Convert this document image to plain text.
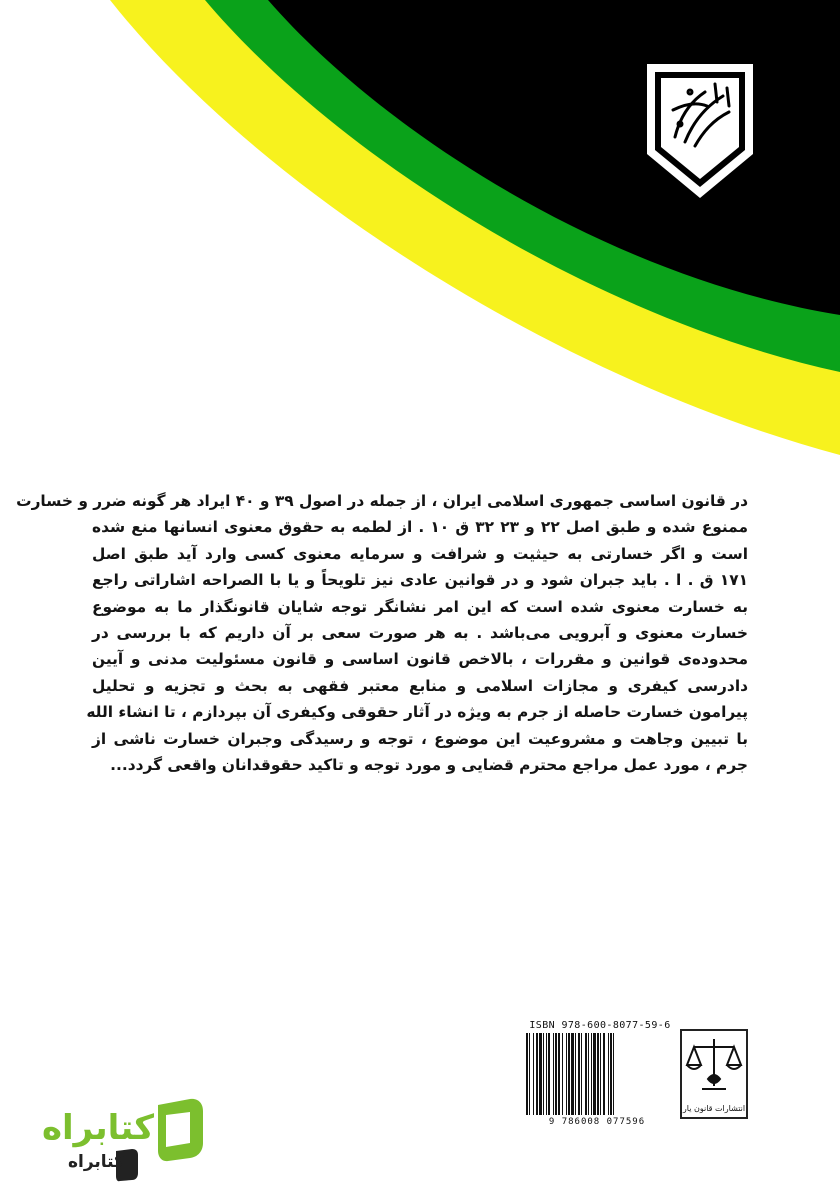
در قانون اساسی جمهوری اسلامی ایران ، از جمله در اصول ۳۹ و ۴۰ ایراد هر گونه ضرر و خسارت
ممنوع شده و طبق اصل ۲۲ و ۲۳ ۳۲ ق ۱۰ . از لطمه به حقوق معنوی انسانها منع شده
است و اگر خسارتی به حیثیت و شرافت و سرمایه معنوی کسی وارد آید طبق اصل
۱۷۱ ق . ا . باید جبران شود و در قوانین عادی نیز تلویحاً و یا با الصراحه اشاراتی راجع
به خسارت معنوی شده است که این امر نشانگر توجه شایان قانونگذار ما به موضوع
خسارت معنوی و آبرویی می‌باشد . به هر صورت سعی بر آن داریم که با بررسی در
محدوده‌ی قوانین و مقررات ، بالاخص قانون اساسی و قانون مسئولیت مدنی و آیین
دادرسی کیفری و مجازات اسلامی و منابع معتبر فقهی به بحث و تجزیه و تحلیل
پیرامون خسارت حاصله از جرم به ویژه در آثار حقوقی وکیفری آن بپردازم ، تا انشاء الله
با تبیین وجاهت و مشروعیت این موضوع ، توجه و رسیدگی وجبران خسارت ناشی از
جرم ، مورد عمل مراجع محترم قضایی و مورد توجه و تاکید حقوقدانان واقعی گردد...
ISBN 978-600-8077-59-6
9 786008 077596
انتشارات قانون یار
کتابراه
کتابراه
